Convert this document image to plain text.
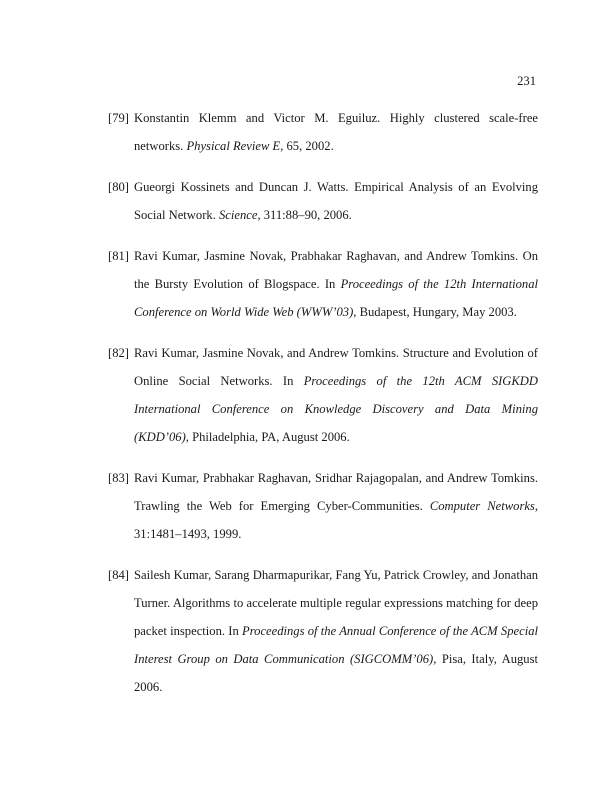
231
[79] Konstantin Klemm and Victor M. Eguiluz. Highly clustered scale-free networks. Physical Review E, 65, 2002.
[80] Gueorgi Kossinets and Duncan J. Watts. Empirical Analysis of an Evolving Social Network. Science, 311:88–90, 2006.
[81] Ravi Kumar, Jasmine Novak, Prabhakar Raghavan, and Andrew Tomkins. On the Bursty Evolution of Blogspace. In Proceedings of the 12th International Conference on World Wide Web (WWW’03), Budapest, Hungary, May 2003.
[82] Ravi Kumar, Jasmine Novak, and Andrew Tomkins. Structure and Evolution of Online Social Networks. In Proceedings of the 12th ACM SIGKDD International Conference on Knowledge Discovery and Data Mining (KDD’06), Philadelphia, PA, August 2006.
[83] Ravi Kumar, Prabhakar Raghavan, Sridhar Rajagopalan, and Andrew Tomkins. Trawling the Web for Emerging Cyber-Communities. Computer Networks, 31:1481–1493, 1999.
[84] Sailesh Kumar, Sarang Dharmapurikar, Fang Yu, Patrick Crowley, and Jonathan Turner. Algorithms to accelerate multiple regular expressions matching for deep packet inspection. In Proceedings of the Annual Conference of the ACM Special Interest Group on Data Communication (SIGCOMM’06), Pisa, Italy, August 2006.
